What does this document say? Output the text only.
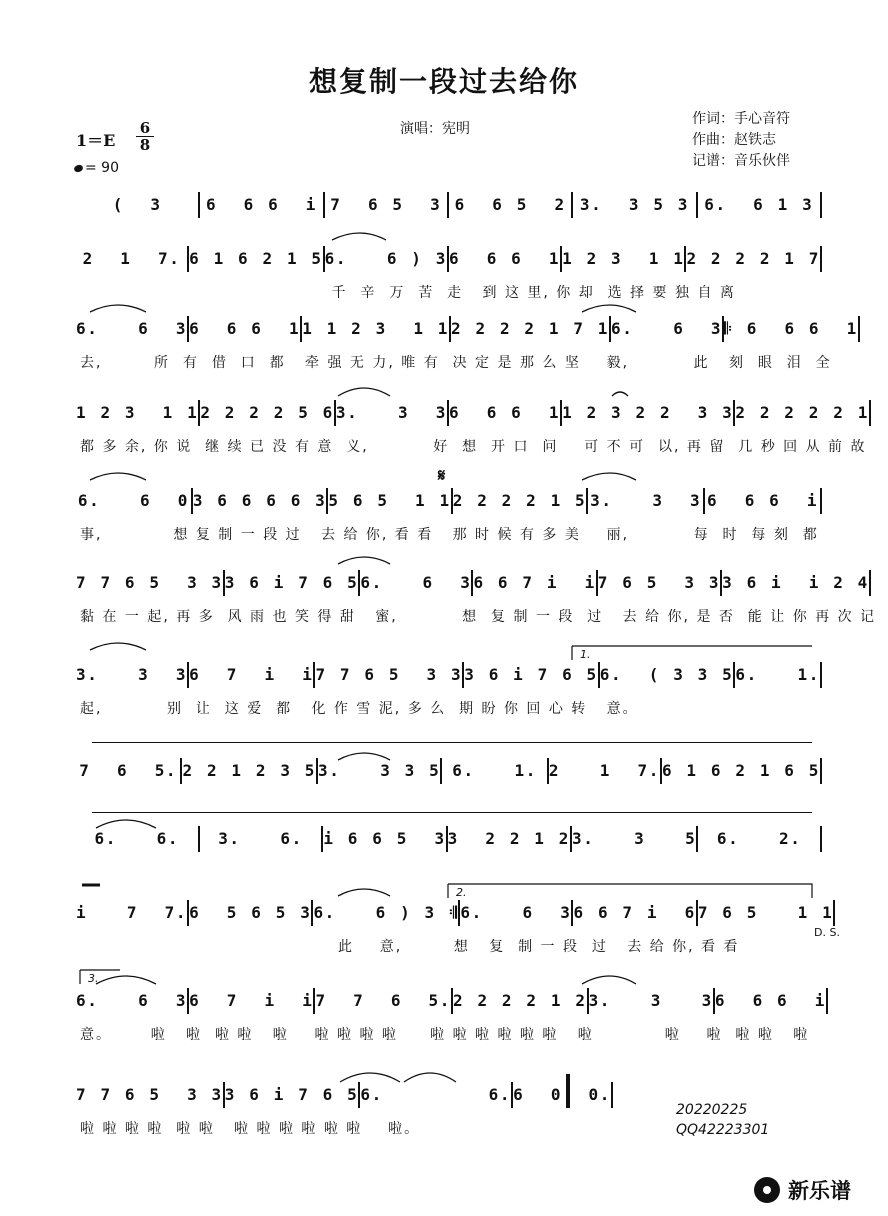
想复制一段过去给你
演唱：宪明
作词：手心音符
作曲：赵铁志
记谱：音乐伙伴
1＝E
6
8
= 90
(  3	6  6 6  i 7  6 5  3 6  6 5  2 3.  3 5 3 6.  6 1 3
2  1  7. 6 1 6 2 1 5 6.   6 ) 3 6  6 6  1 1 2 3  1 1 2 2 2 2 1 7
千  辛  万  苦  走   到 这 里, 你 却  选 择 要 独 自 离
6.   6  3 6  6 6  1 1 1 2 3  1 1 2 2 2 2 1 7 1 6.   6  3 𝄆 6  6 6  1
去,        所  有  借  口  都   牵 强 无 力, 唯 有  决 定 是 那 么 坚    毅,          此   刻  眼  泪  全
1 2 3  1 1 2 2 2 2 5 6 3.   3  3 6  6 6  1 1 2 3 2 2  3 3 2 2 2 2 2 1
都 多 余, 你 说  继 续 已 没 有 意  义,          好  想  开 口  问    可 不 可  以, 再 留  几 秒 回 从 前 故
6.   6  0 3 6 6 6 6 3 5 6 5  1 1 2 2 2 2 1 5 3.   3  3 6  6 6  i
事,           想 复 制 一 段 过   去 给 你, 看 看   那 时 候 有 多 美    丽,          每  时  每 刻  都
7 7 6 5  3 3 3 6 i 7 6 5 6.   6  3 6 6 7 i  i 7 6 5  3 3 3 6 i  i 2 4
黏 在 一 起, 再 多  风 雨 也 笑 得 甜   蜜,          想  复 制 一 段  过   去 给 你, 是 否  能 让 你 再 次 记
3.   3  3 6  7  i  i 7 7 6 5  3 3 3 6 i 7 6 5 6.  ( 3 3 5 6.   1.
起,          别  让  这 爱  都   化 作 雪 泥, 多 么  期 盼 你 回 心 转   意。
7  6  5. 2 2 1 2 3 5 3.   3 3 5 6.   1. 2   1  7. 6 1 6 2 1 6 5
6.   6.	3.   6.	i 6 6 5  3 3  2 2 1 2 3.   3   5	6.   2.
i   7  7. 6  5 6 5 3 6.   6 ) 3 𝄇 6.   6  3 6 6 7 i  6 7 6 5   1 1
此    意,        想   复  制 一 段  过   去 给 你, 看 看
6.   6  3 6  7  i  i 7  7  6  5. 2 2 2 2 1 2 3.   3   3 6  6 6  i
意。      啦   啦  啦 啦   啦    啦 啦 啦 啦     啦 啦 啦 啦 啦 啦   啦           啦    啦  啦 啦   啦
7 7 6 5  3 3 3 6 i 7 6 5 6.        6. 6  0  0.
啦 啦 啦 啦  啦 啦   啦 啦 啦 啦 啦 啦    啦。
𝄋
D. S.
1.
2.
3.
20220225
QQ42223301
新乐谱
